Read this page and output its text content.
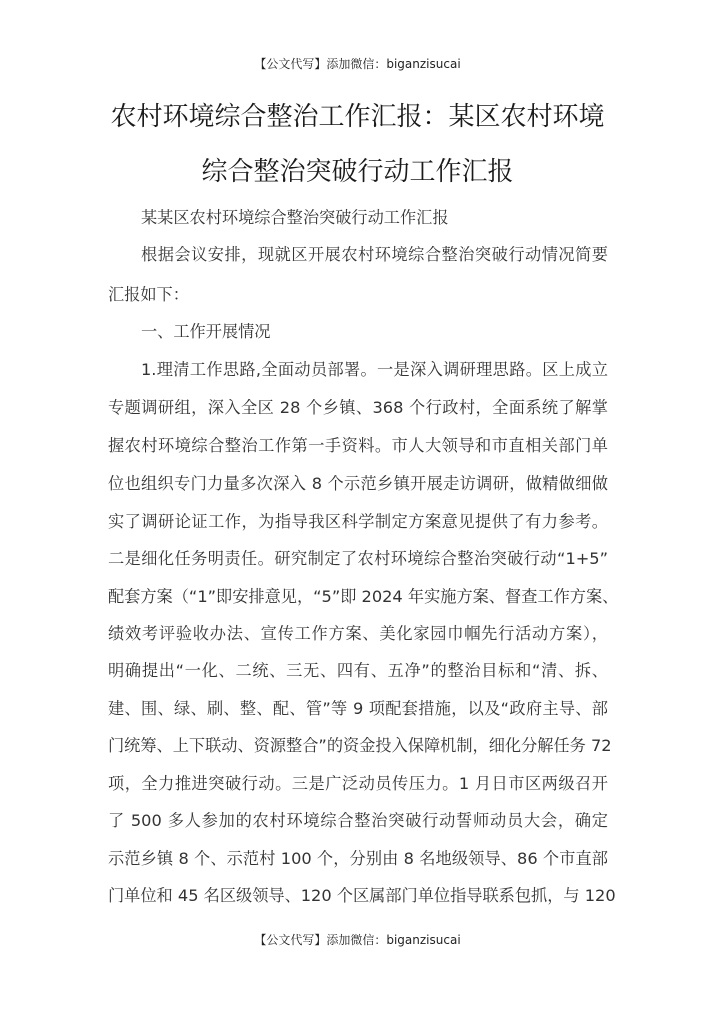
【公文代写】添加微信：biganzisucai
农村环境综合整治工作汇报：某区农村环境
综合整治突破行动工作汇报
某某区农村环境综合整治突破行动工作汇报
根据会议安排，现就区开展农村环境综合整治突破行动情况简要
汇报如下：
一、工作开展情况
1.理清工作思路,全面动员部署。一是深入调研理思路。区上成立
专题调研组，深入全区 28 个乡镇、368 个行政村，全面系统了解掌
握农村环境综合整治工作第一手资料。市人大领导和市直相关部门单
位也组织专门力量多次深入 8 个示范乡镇开展走访调研，做精做细做
实了调研论证工作，为指导我区科学制定方案意见提供了有力参考。
二是细化任务明责任。研究制定了农村环境综合整治突破行动“1+5”
配套方案（“1”即安排意见，“5”即 2024 年实施方案、督查工作方案、
绩效考评验收办法、宣传工作方案、美化家园巾帼先行活动方案），
明确提出“一化、二统、三无、四有、五净”的整治目标和“清、拆、
建、围、绿、刷、整、配、管”等 9 项配套措施，以及“政府主导、部
门统筹、上下联动、资源整合”的资金投入保障机制，细化分解任务 72
项，全力推进突破行动。三是广泛动员传压力。1 月日市区两级召开
了 500 多人参加的农村环境综合整治突破行动誓师动员大会，确定
示范乡镇 8 个、示范村 100 个，分别由 8 名地级领导、86 个市直部
门单位和 45 名区级领导、120 个区属部门单位指导联系包抓，与 120
【公文代写】添加微信：biganzisucai
